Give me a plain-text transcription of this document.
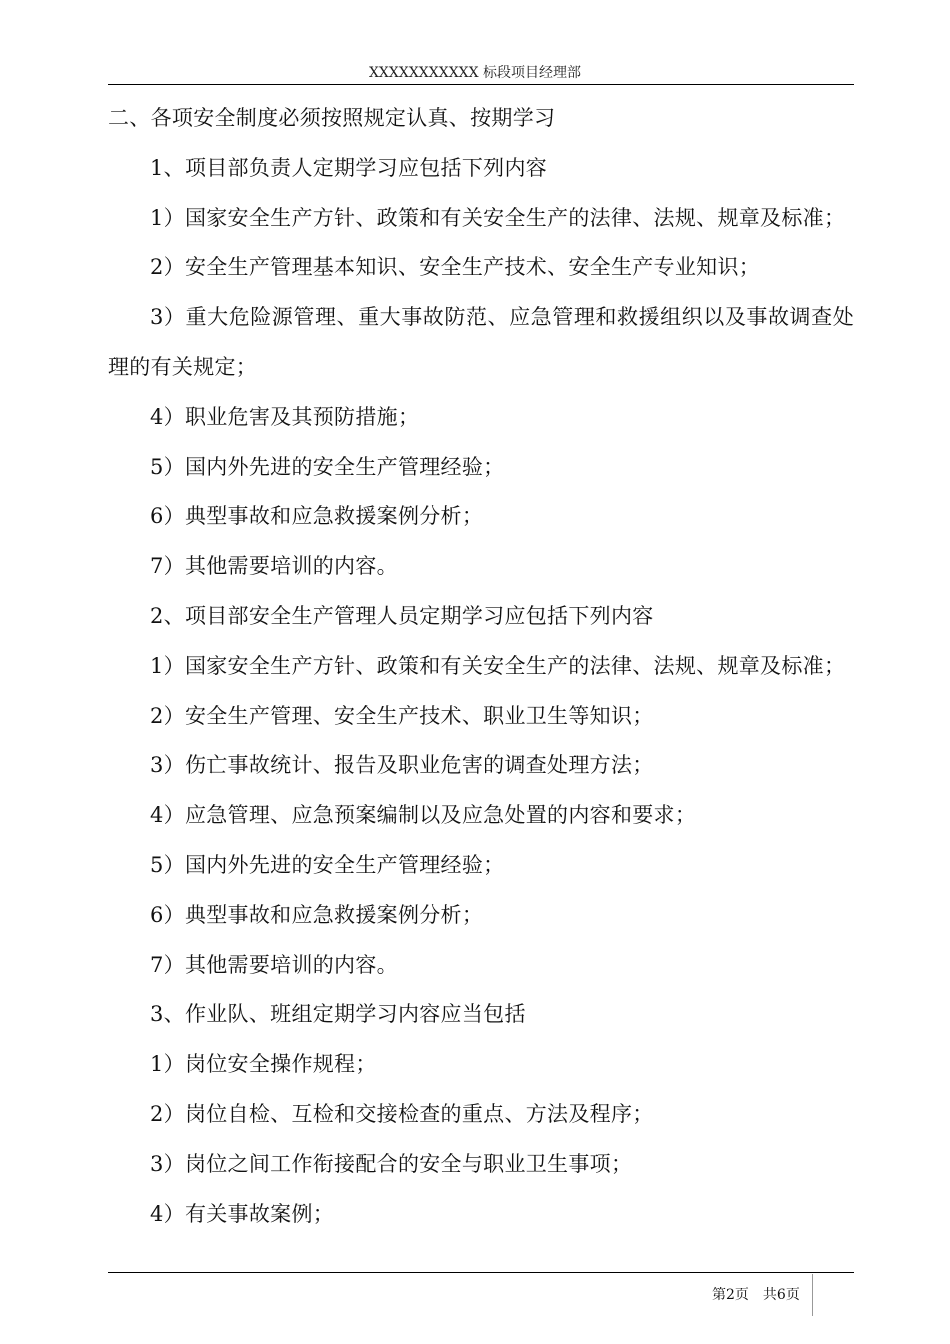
XXXXXXXXXXX 标段项目经理部

二、各项安全制度必须按照规定认真、按期学习

1、项目部负责人定期学习应包括下列内容

1）国家安全生产方针、政策和有关安全生产的法律、法规、规章及标准；

2）安全生产管理基本知识、安全生产技术、安全生产专业知识；

3）重大危险源管理、重大事故防范、应急管理和救援组织以及事故调查处理的有关规定；

4）职业危害及其预防措施；

5）国内外先进的安全生产管理经验；

6）典型事故和应急救援案例分析；

7）其他需要培训的内容。

2、项目部安全生产管理人员定期学习应包括下列内容

1）国家安全生产方针、政策和有关安全生产的法律、法规、规章及标准；

2）安全生产管理、安全生产技术、职业卫生等知识；

3）伤亡事故统计、报告及职业危害的调查处理方法；

4）应急管理、应急预案编制以及应急处置的内容和要求；

5）国内外先进的安全生产管理经验；

6）典型事故和应急救援案例分析；

7）其他需要培训的内容。

3、作业队、班组定期学习内容应当包括

1）岗位安全操作规程；

2）岗位自检、互检和交接检查的重点、方法及程序；

3）岗位之间工作衔接配合的安全与职业卫生事项；

4）有关事故案例；

第2页 共6页
